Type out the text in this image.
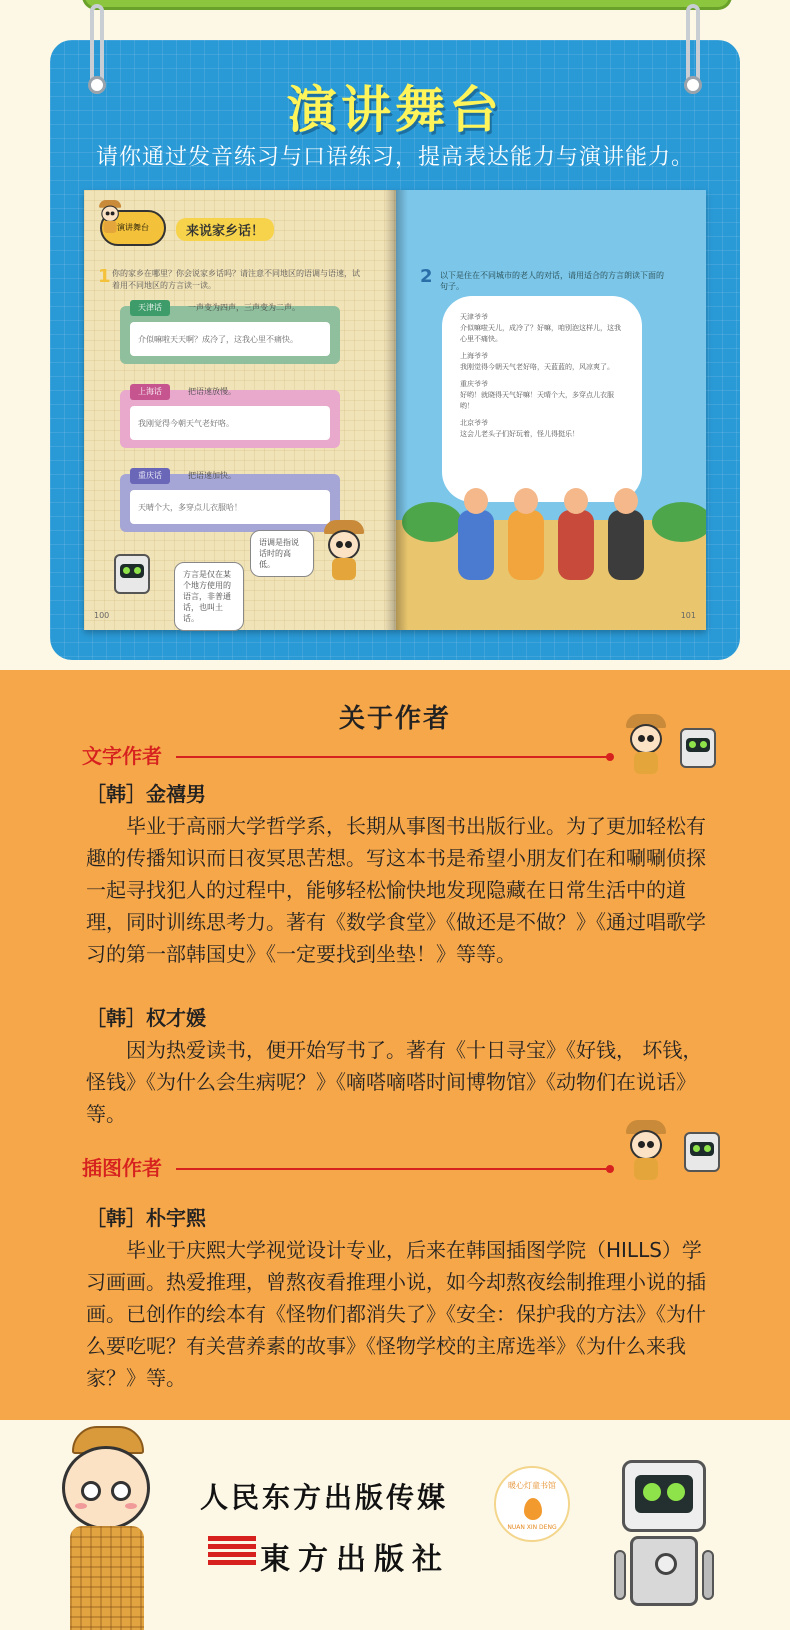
演讲舞台
请你通过发音练习与口语练习，提高表达能力与演讲能力。
演讲舞台	来说家乡话！
1 你的家乡在哪里？你会说家乡话吗？请注意不同地区的语调与语速，试着用不同地区的方言读一读。
天津话	一声变为四声，三声变为二声。
介似嘛啦天天啊？成冷了，这我心里不痛快。
上海话	把语速放慢。
我刚觉得今朝天气老好咯。
重庆话	把语速加快。
天晴个大，多穿点儿衣服哈！
语调是指说话时的高低。
方言是仅在某个地方使用的语言，非普通话，也叫土话。
100
2 以下是住在不同城市的老人的对话，请用适合的方言朗读下面的句子。

天津爷爷

介似嘛啦天儿，成冷了？好嘛，咱别泡这样儿，这我心里不痛快。

上海爷爷

我刚觉得今朝天气老好咯，天蓝蓝的，风凉爽了。

重庆爷爷

好哟！就晓得天气好嘛！天晴个大，多穿点儿衣服哟！

北京爷爷

这会儿老头子们好玩着，怪儿得挺乐！

101
关于作者
文字作者
［韩］金禧男
毕业于高丽大学哲学系，长期从事图书出版行业。为了更加轻松有趣的传播知识而日夜冥思苦想。写这本书是希望小朋友们在和唰唰侦探一起寻找犯人的过程中，能够轻松愉快地发现隐藏在日常生活中的道理，同时训练思考力。著有《数学食堂》《做还是不做？》《通过唱歌学习的第一部韩国史》《一定要找到坐垫！》等等。
［韩］权才媛
因为热爱读书，便开始写书了。著有《十日寻宝》《好钱， 坏钱，怪钱》《为什么会生病呢？》《嘀嗒嘀嗒时间博物馆》《动物们在说话》等。
插图作者
［韩］朴宇熙
毕业于庆熙大学视觉设计专业，后来在韩国插图学院（HILLS）学习画画。热爱推理，曾熬夜看推理小说，如今却熬夜绘制推理小说的插画。已创作的绘本有《怪物们都消失了》《安全：保护我的方法》《为什么要吃呢？有关营养素的故事》《怪物学校的主席选举》《为什么来我家？》等。
人民东方出版传媒
東方出版社
暖心灯童书馆
NUAN XIN DENG
